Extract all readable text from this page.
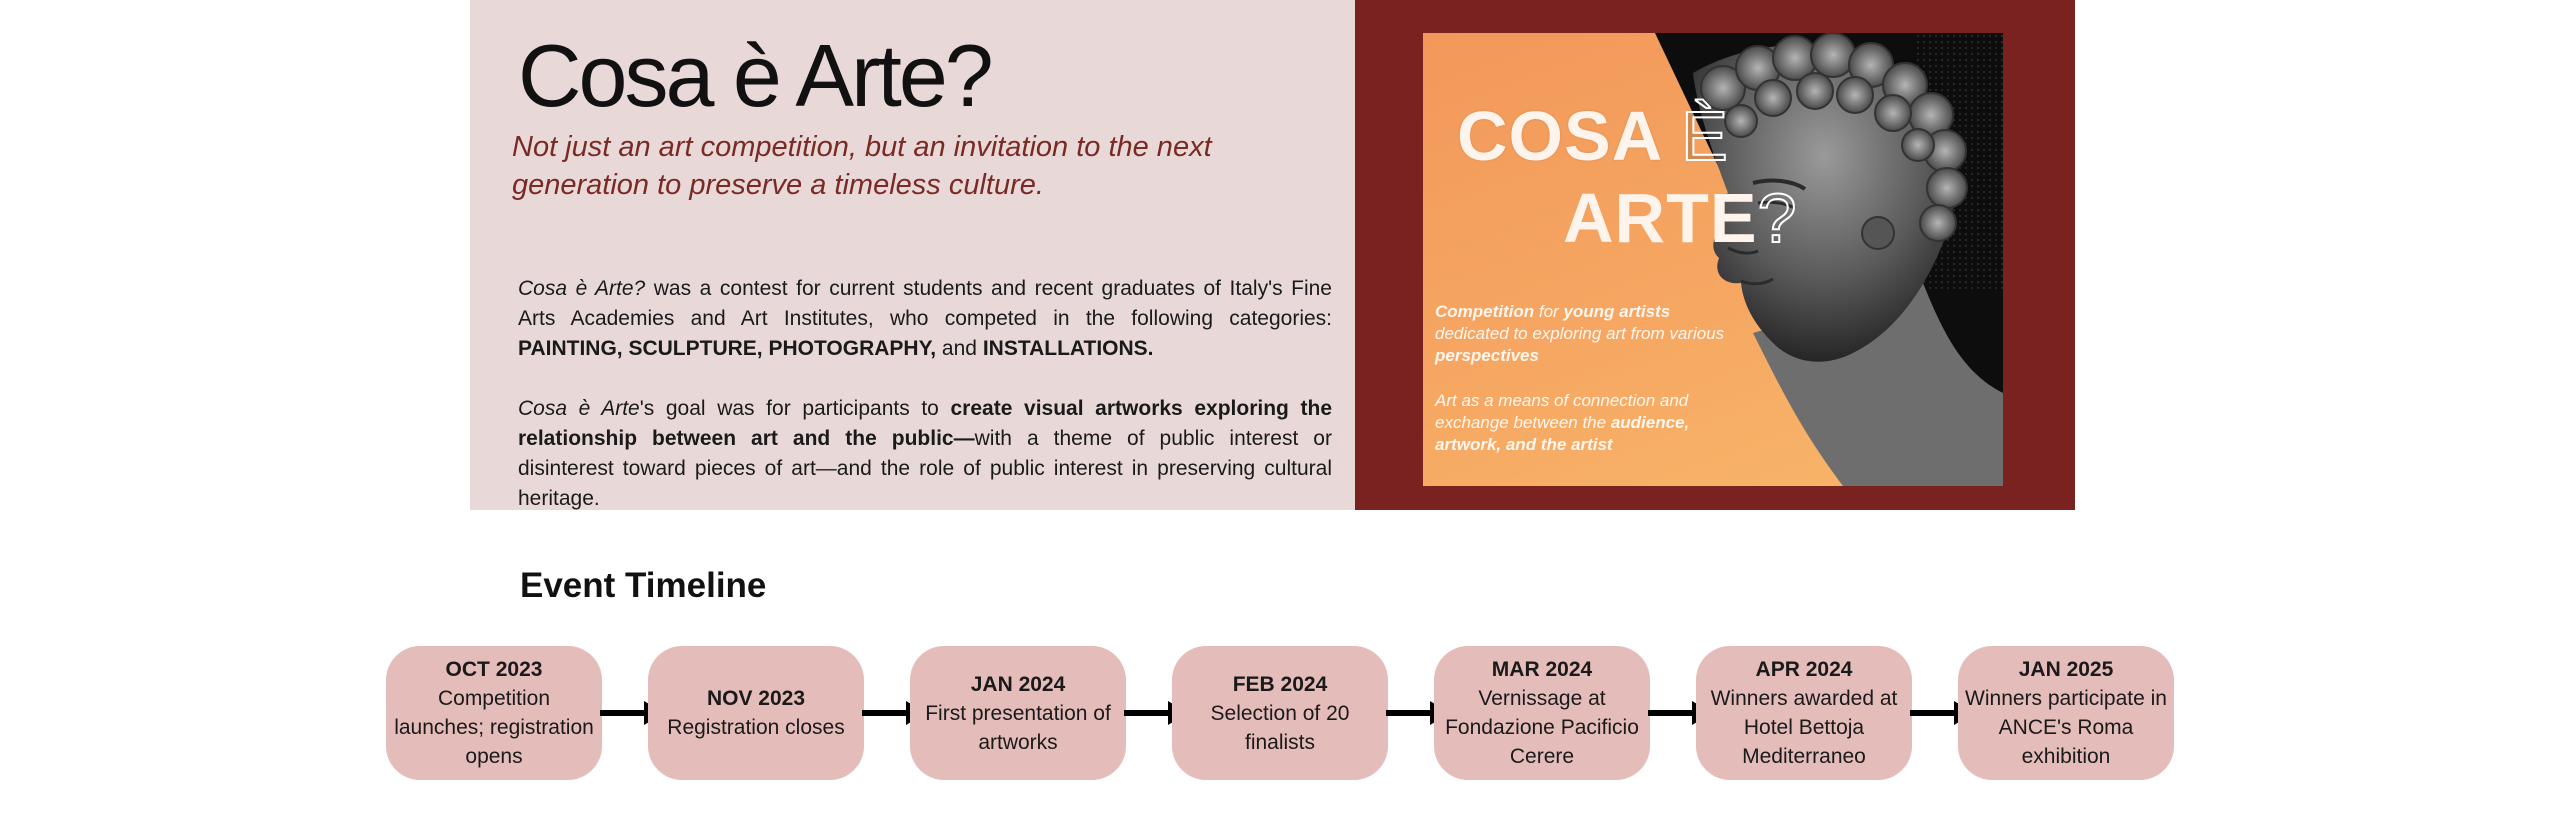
Cosa è Arte?

Not just an art competition, but an invitation to the next generation to preserve a timeless culture.

Cosa è Arte? was a contest for current students and recent graduates of Italy's Fine Arts Academies and Art Institutes, who competed in the following categories: PAINTING, SCULPTURE, PHOTOGRAPHY, and INSTALLATIONS.

Cosa è Arte's goal was for participants to create visual artworks exploring the relationship between art and the public—with a theme of public interest or disinterest toward pieces of art—and the role of public interest in preserving cultural heritage.

COSA È
ARTE?

Competition for young artists dedicated to exploring art from various perspectives

Art as a means of connection and exchange between the audience, artwork, and the artist

Event Timeline
OCT 2023
Competition launches; registration opens
NOV 2023
Registration closes
JAN 2024
First presentation of artworks
FEB 2024
Selection of 20 finalists
MAR 2024
Vernissage at Fondazione Pacificio Cerere
APR 2024
Winners awarded at Hotel Bettoja Mediterraneo
JAN 2025
Winners participate in ANCE's Roma exhibition
